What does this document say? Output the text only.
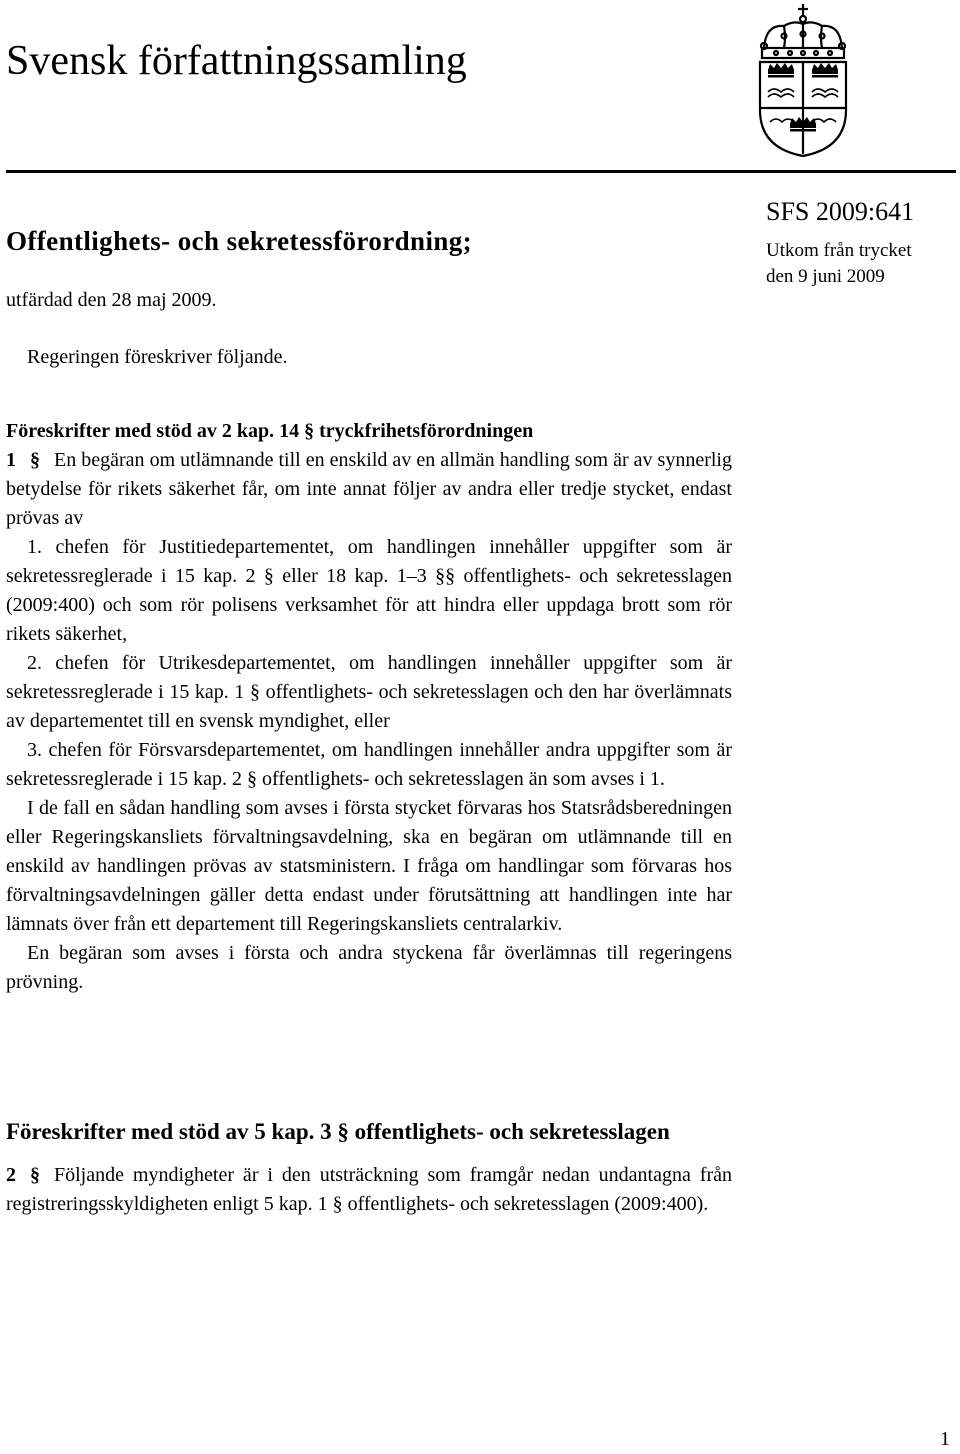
Svensk författningssamling
Offentlighets- och sekretessförordning;
utfärdad den 28 maj 2009.
SFS 2009:641
Utkom från trycket
den 9 juni 2009
Regeringen föreskriver följande.
Föreskrifter med stöd av 2 kap. 14 § tryckfrihetsförordningen

1 § En begäran om utlämnande till en enskild av en allmän handling som är av synnerlig betydelse för rikets säkerhet får, om inte annat följer av andra eller tredje stycket, endast prövas av

1. chefen för Justitiedepartementet, om handlingen innehåller uppgifter som är sekretessreglerade i 15 kap. 2 § eller 18 kap. 1–3 §§ offentlighets- och sekretesslagen (2009:400) och som rör polisens verksamhet för att hindra eller uppdaga brott som rör rikets säkerhet,

2. chefen för Utrikesdepartementet, om handlingen innehåller uppgifter som är sekretessreglerade i 15 kap. 1 § offentlighets- och sekretesslagen och den har överlämnats av departementet till en svensk myndighet, eller

3. chefen för Försvarsdepartementet, om handlingen innehåller andra uppgifter som är sekretessreglerade i 15 kap. 2 § offentlighets- och sekretesslagen än som avses i 1.

I de fall en sådan handling som avses i första stycket förvaras hos Statsrådsberedningen eller Regeringskansliets förvaltningsavdelning, ska en begäran om utlämnande till en enskild av handlingen prövas av statsministern. I fråga om handlingar som förvaras hos förvaltningsavdelningen gäller detta endast under förutsättning att handlingen inte har lämnats över från ett departement till Regeringskansliets centralarkiv.

En begäran som avses i första och andra styckena får överlämnas till regeringens prövning.

Föreskrifter med stöd av 5 kap. 3 § offentlighets- och sekretesslagen

2 § Följande myndigheter är i den utsträckning som framgår nedan undantagna från registreringsskyldigheten enligt 5 kap. 1 § offentlighets- och sekretesslagen (2009:400).

1
